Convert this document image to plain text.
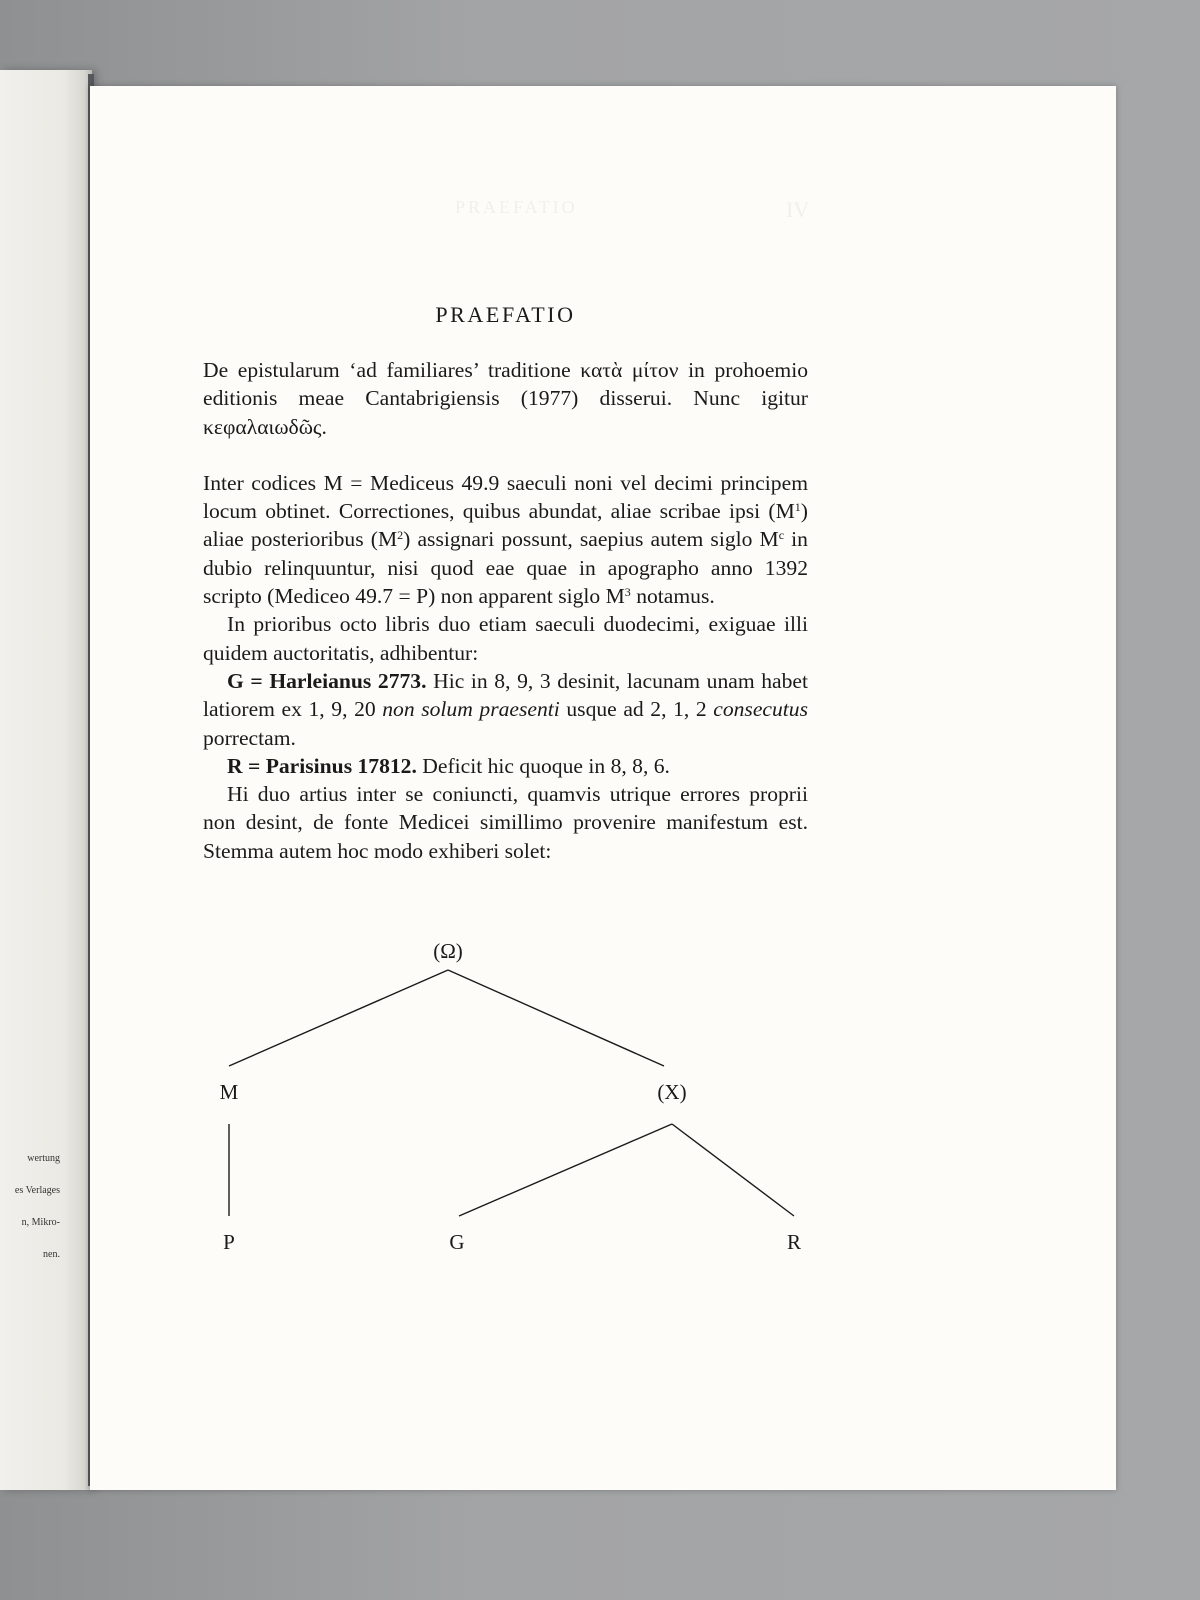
wertung

es Verlages

n, Mikro-

nen.

PRAEFATIO	IV
PRAEFATIO

De epistularum ‘ad familiares’ traditione κατὰ μίτον in prohoemio editionis meae Cantabrigiensis (1977) disserui. Nunc igitur κεφαλαιωδῶς.

Inter codices M = Mediceus 49.9 saeculi noni vel decimi principem locum obtinet. Correctiones, quibus abundat, aliae scribae ipsi $(M^1)$ aliae posterioribus $(M^2)$ assignari possunt, saepius autem siglo $M^c$ in dubio relinquuntur, nisi quod eae quae in apographo anno 1392 scripto (Mediceo 49.7 = P) non apparent siglo $M^3$ notamus.

In prioribus octo libris duo etiam saeculi duodecimi, exiguae illi quidem auctoritatis, adhibentur:

G = Harleianus 2773. Hic in 8, 9, 3 desinit, lacunam unam habet latiorem ex 1, 9, 20 non solum praesenti usque ad 2, 1, 2 consecutus porrectam.

R = Parisinus 17812. Deficit hic quoque in 8, 8, 6.

Hi duo artius inter se coniuncti, quamvis utrique errores proprii non desint, de fonte Medicei simillimo provenire manifestum est. Stemma autem hoc modo exhiberi solet:

(Ω)
M	(X)
P	G	R
